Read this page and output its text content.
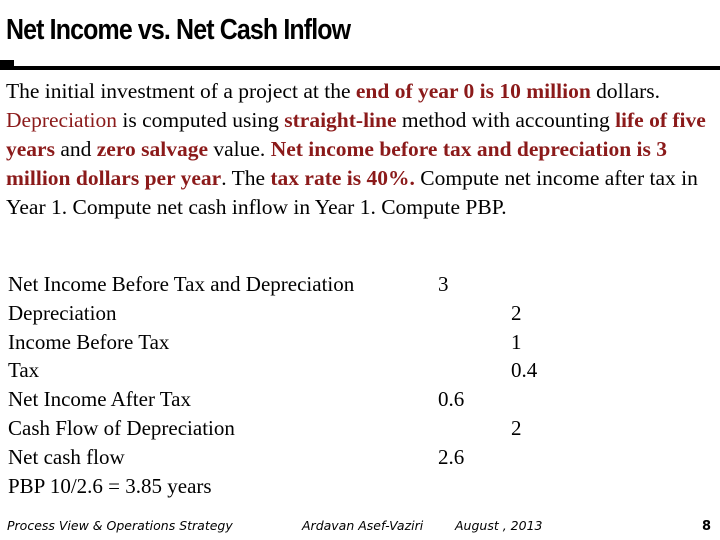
Net Income vs. Net Cash Inflow
The initial investment of a project at the end of year 0 is 10 million dollars. Depreciation is computed using straight-line method with accounting life of five years and zero salvage value. Net income before tax and depreciation is 3 million dollars per year. The tax rate is 40%. Compute net income after tax in Year 1. Compute net cash inflow in Year 1. Compute PBP.
Net Income Before Tax and Depreciation	3
Depreciation	2
Income Before Tax	1
Tax	0.4
Net Income After Tax	0.6
Cash Flow of Depreciation	2
Net cash flow	2.6
PBP 10/2.6 = 3.85 years
Process View & Operations Strategy	Ardavan Asef-Vaziri	August , 2013	8
